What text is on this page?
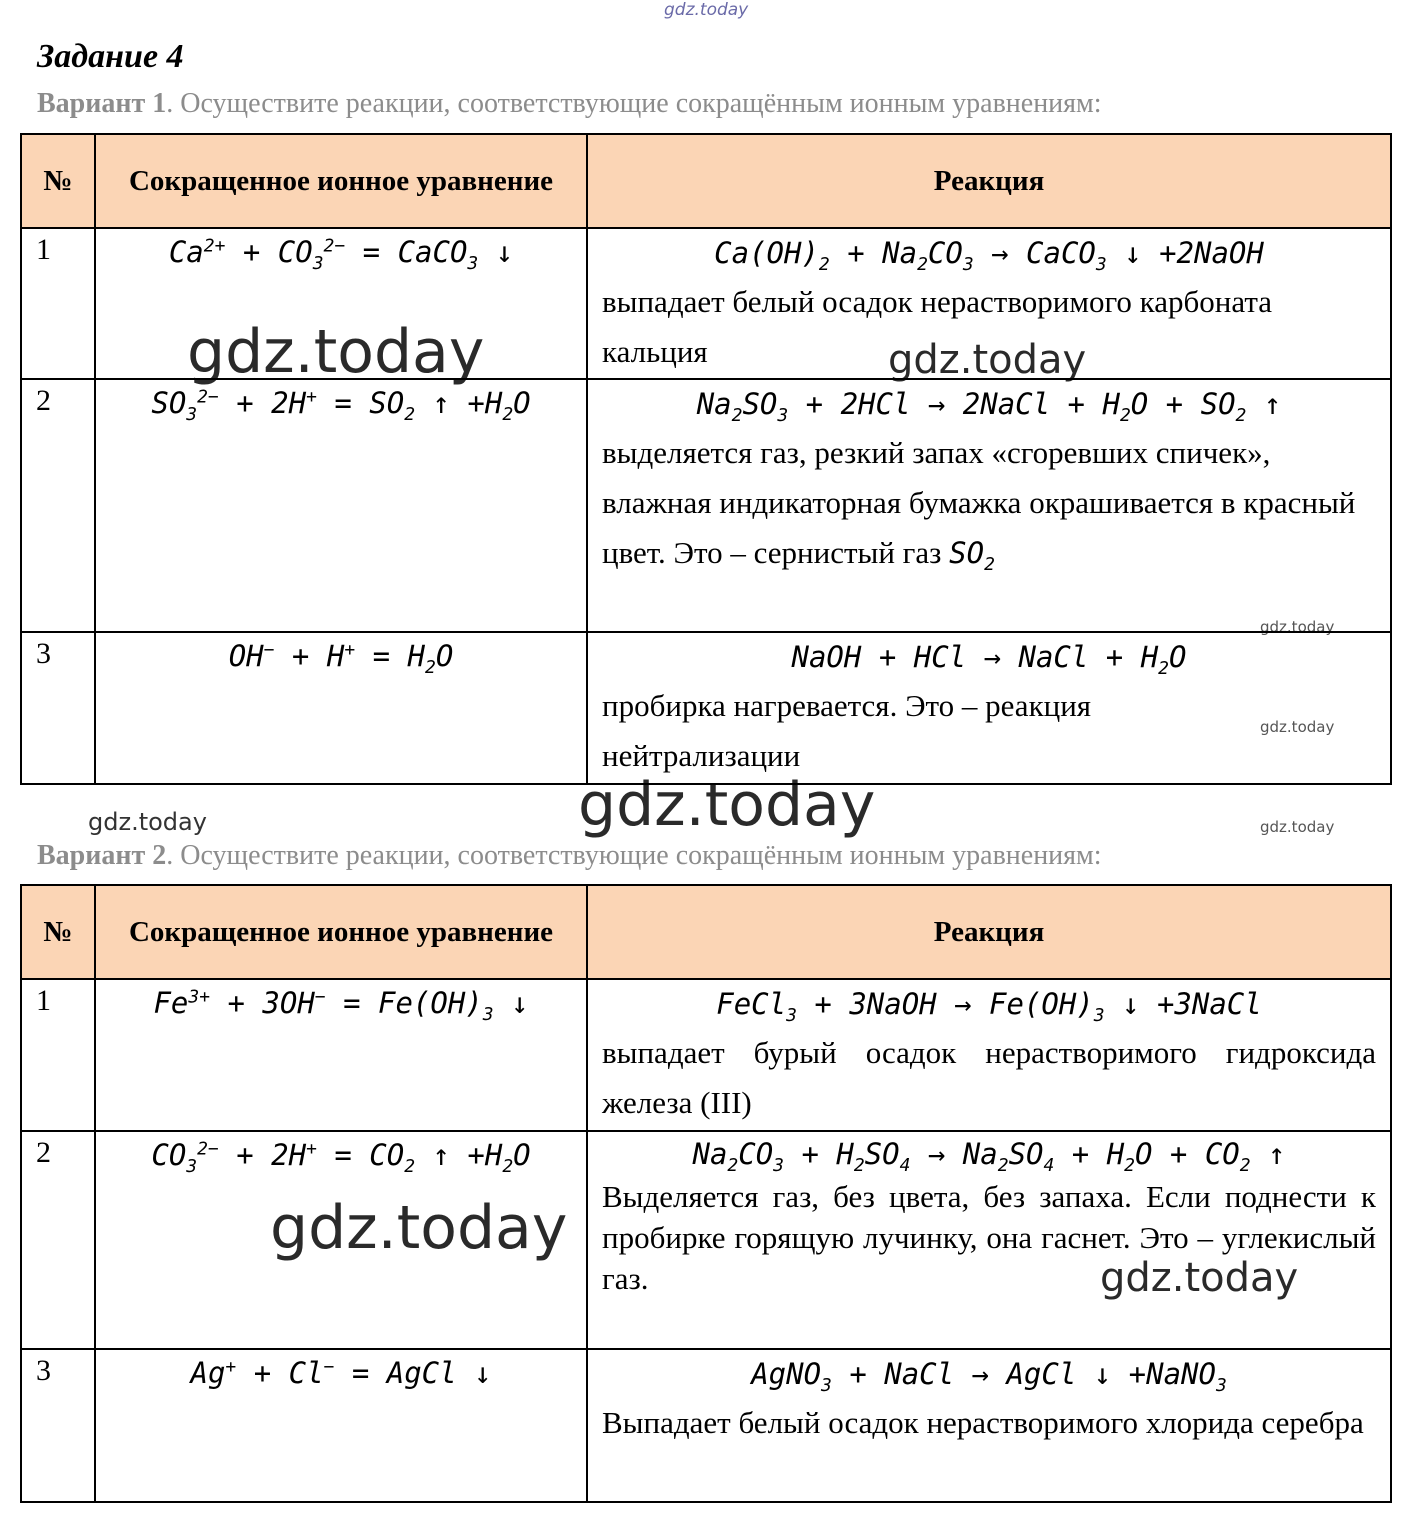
gdz.today
gdz.today	gdz.today
gdz.today
gdz.today
gdz.today
gdz.today	gdz.today
gdz.today
gdz.today
Задание 4
Вариант 1. Осуществите реакции, соответствующие сокращённым ионным уравнениям:
№	Сокращенное ионное уравнение	Реакция
1	$Ca^{2+} + CO_3^{2-}$ = CaCO$_3$ ↓	$Ca(OH)_2 + Na_2CO_3$ → CaCO$_3$ ↓ +2NaOH
выпадает белый осадок нерастворимого карбоната кальция

2	$SO_3^{2-} + 2H^+ = SO_2$ ↑ $+H_2O$	$Na_2SO_3 + 2HCl$ → 2NaCl + $H_2O + SO_2$ ↑
выделяется газ, резкий запах «сгоревших спичек», влажная индикаторная бумажка окрашивается в красный цвет. Это – сернистый газ $SO_2$

3	$OH^- + H^+ = H_2O$	NaOH + HCl → NaCl + $H_2O$
пробирка нагревается. Это – реакция нейтрализации
Вариант 2. Осуществите реакции, соответствующие сокращённым ионным уравнениям:
№	Сокращенное ионное уравнение	Реакция
1	$Fe^{3+} + 3OH^- = Fe(OH)_3$ ↓	FeCl$_3$ + 3NaOH → $Fe(OH)_3$ ↓ +3NaCl
выпадает бурый осадок нерастворимого гидроксида железа (III)

2	$CO_3^{2-} + 2H^+ = CO_2$ ↑ $+H_2O$	$Na_2CO_3 + H_2SO_4 \to Na_2SO_4 + H_2O + CO_2$ ↑
Выделяется газ, без цвета, без запаха. Если поднести к пробирке горящую лучинку, она гаснет. Это – углекислый газ.

3	Ag+ + Cl− = AgCl ↓	AgNO$_3$ + NaCl → AgCl ↓ +NaNO$_3$
Выпадает белый осадок нерастворимого хлорида серебра
